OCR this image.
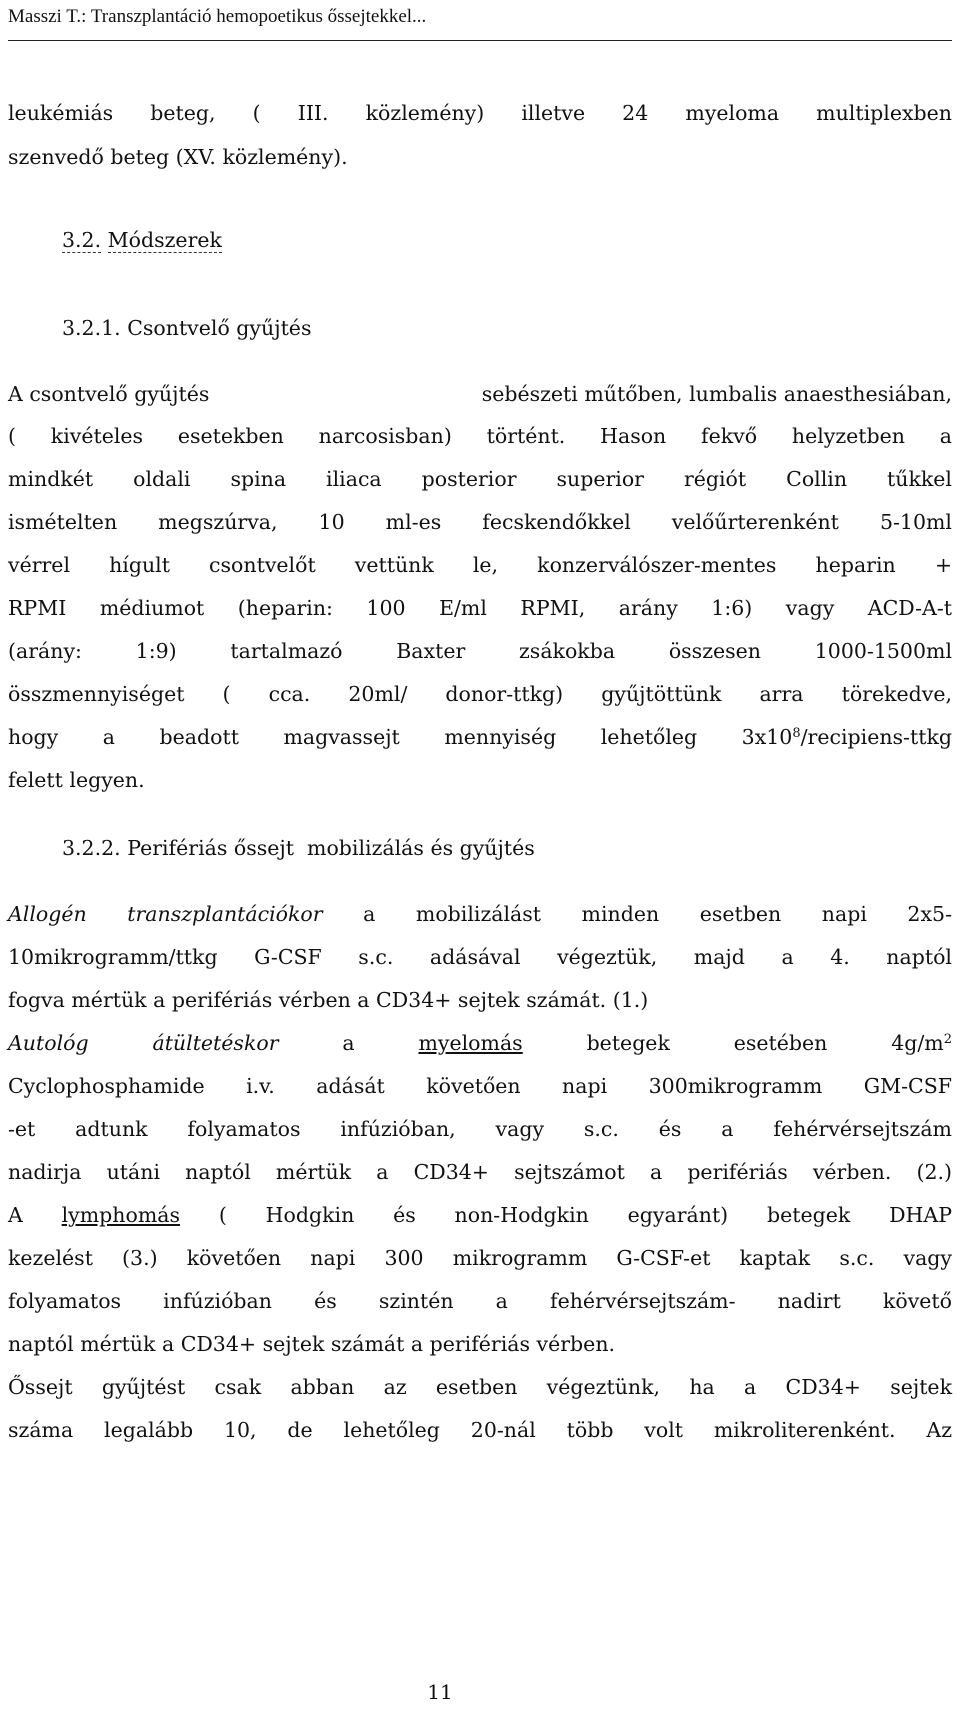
Masszi T.: Transzplantáció hemopoetikus őssejtekkel...
leukémiás beteg, ( III. közlemény) illetve 24 myeloma multiplexben
szenvedő beteg (XV. közlemény).
3.2. Módszerek
3.2.1. Csontvelő gyűjtés
A csontvelő gyűjtés	sebészeti műtőben, lumbalis anaesthesiában,
( kivételes esetekben narcosisban) történt. Hason fekvő helyzetben a
mindkét oldali spina iliaca posterior superior régiót Collin tűkkel
ismételten megszúrva, 10 ml-es fecskendőkkel velőűrterenként 5-10ml
vérrel hígult csontvelőt vettünk le, konzerválószer-mentes heparin +
RPMI médiumot (heparin: 100 E/ml RPMI, arány 1:6) vagy ACD-A-t
(arány: 1:9) tartalmazó Baxter zsákokba összesen 1000-1500ml
összmennyiséget ( cca. 20ml/ donor-ttkg) gyűjtöttünk arra törekedve,
hogy a beadott magvassejt mennyiség lehetőleg $3x10^8/recipiens$-ttkg
felett legyen.
3.2.2. Perifériás őssejt  mobilizálás és gyűjtés
Allogén transzplantációkor a mobilizálást minden esetben napi 2x5-
10mikrogramm/ttkg G-CSF s.c. adásával végeztük, majd a 4. naptól
fogva mértük a perifériás vérben a CD34+ sejtek számát. (1.)
Autológ átültetéskor a myelomás betegek esetében $4g/m^2$
Cyclophosphamide i.v. adását követően napi 300mikrogramm GM-CSF
-et adtunk folyamatos infúzióban, vagy s.c. és a fehérvérsejtszám
nadirja utáni naptól mértük a CD34+ sejtszámot a perifériás vérben. (2.)
A lymphomás ( Hodgkin és non-Hodgkin egyaránt) betegek DHAP
kezelést (3.) követően napi 300 mikrogramm G-CSF-et kaptak s.c. vagy
folyamatos infúzióban és szintén a fehérvérsejtszám- nadirt követő
naptól mértük a CD34+ sejtek számát a perifériás vérben.
Őssejt gyűjtést csak abban az esetben végeztünk, ha a CD34+ sejtek
száma legalább 10, de lehetőleg 20-nál több volt mikroliterenként. Az
11
